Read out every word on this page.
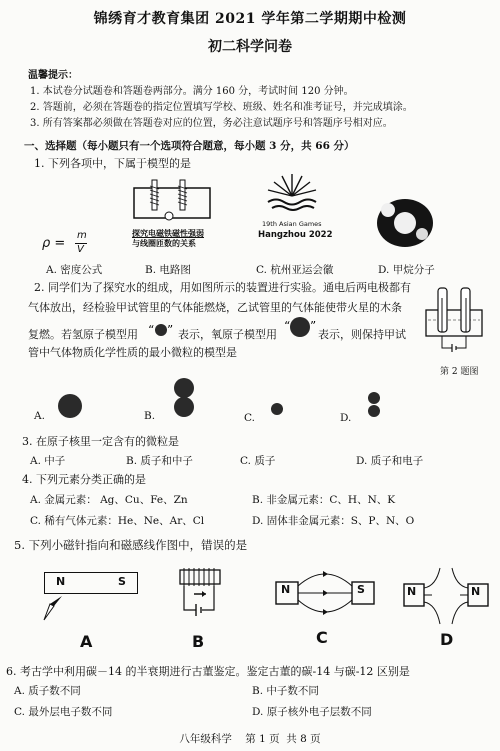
锦绣育才教育集团 2021 学年第二学期期中检测
初二科学问卷
温馨提示：
1. 本试卷分试题卷和答题卷两部分。满分 160 分，考试时间 120 分钟。
2. 答题前，必须在答题卷的指定位置填写学校、班级、姓名和准考证号，并完成填涂。
3. 所有答案都必须做在答题卷对应的位置，务必注意试题序号和答题序号相对应。
一、选择题（每小题只有一个选项符合题意，每小题 3 分，共 66 分）
1. 下列各项中，下属于模型的是
ρ =
m
V
探究电磁铁磁性强弱
与线圈匝数的关系
19th Asian Games
Hangzhou 2022
A. 密度公式	B. 电路图	C. 杭州亚运会徽	D. 甲烷分子
2. 同学们为了探究水的组成，用如图所示的装置进行实验。通电后两电极都有
气体放出，经检验甲试管里的气体能燃烧，乙试管里的气体能使带火星的木条
复燃。若氢原子模型用 “ ” 表示，氧原子模型用
“ ”
表示，则保持甲试
管中气体物质化学性质的最小微粒的模型是
第 2 题图
A.	B.	C.	D.
3. 在原子核里一定含有的微粒是
A. 中子	B. 质子和中子	C. 质子	D. 质子和电子
4. 下列元素分类正确的是
A. 金属元素： Ag、Cu、Fe、Zn	B. 非金属元素：C、H、N、K
C. 稀有气体元素：He、Ne、Ar、Cl	D. 固体非金属元素：S、P、N、O
5. 下列小磁针指向和磁感线作图中，错误的是
N	S
A	B
N	S
C
N	N
D
6. 考古学中利用碳－14 的半衰期进行古董鉴定。鉴定古董的碳-14 与碳-12 区别是
A. 质子数不同	B. 中子数不同
C. 最外层电子数不同	D. 原子核外电子层数不同
八年级科学    第 1 页  共 8 页
